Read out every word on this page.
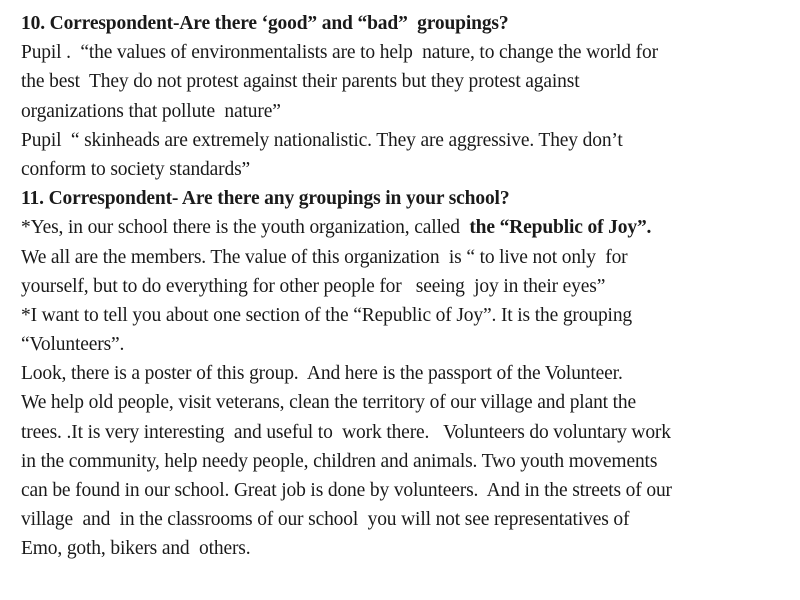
10. Correspondent-Are there ‘good” and “bad”  groupings?
Pupil .  “the values of environmentalists are to help  nature, to change the world for
the best  They do not protest against their parents but they protest against
organizations that pollute  nature”
Pupil  “ skinheads are extremely nationalistic. They are aggressive. They don’t
conform to society standards”
11. Correspondent- Are there any groupings in your school?
*Yes, in our school there is the youth organization, called  the “Republic of Joy”.
We all are the members. The value of this organization  is “ to live not only  for
yourself, but to do everything for other people for   seeing  joy in their eyes”
*I want to tell you about one section of the “Republic of Joy”. It is the grouping
“Volunteers”.
Look, there is a poster of this group.  And here is the passport of the Volunteer.
We help old people, visit veterans, clean the territory of our village and plant the
trees. .It is very interesting  and useful to  work there.   Volunteers do voluntary work
in the community, help needy people, children and animals. Two youth movements
can be found in our school. Great job is done by volunteers.  And in the streets of our
village  and  in the classrooms of our school  you will not see representatives of
Emo, goth, bikers and  others.
